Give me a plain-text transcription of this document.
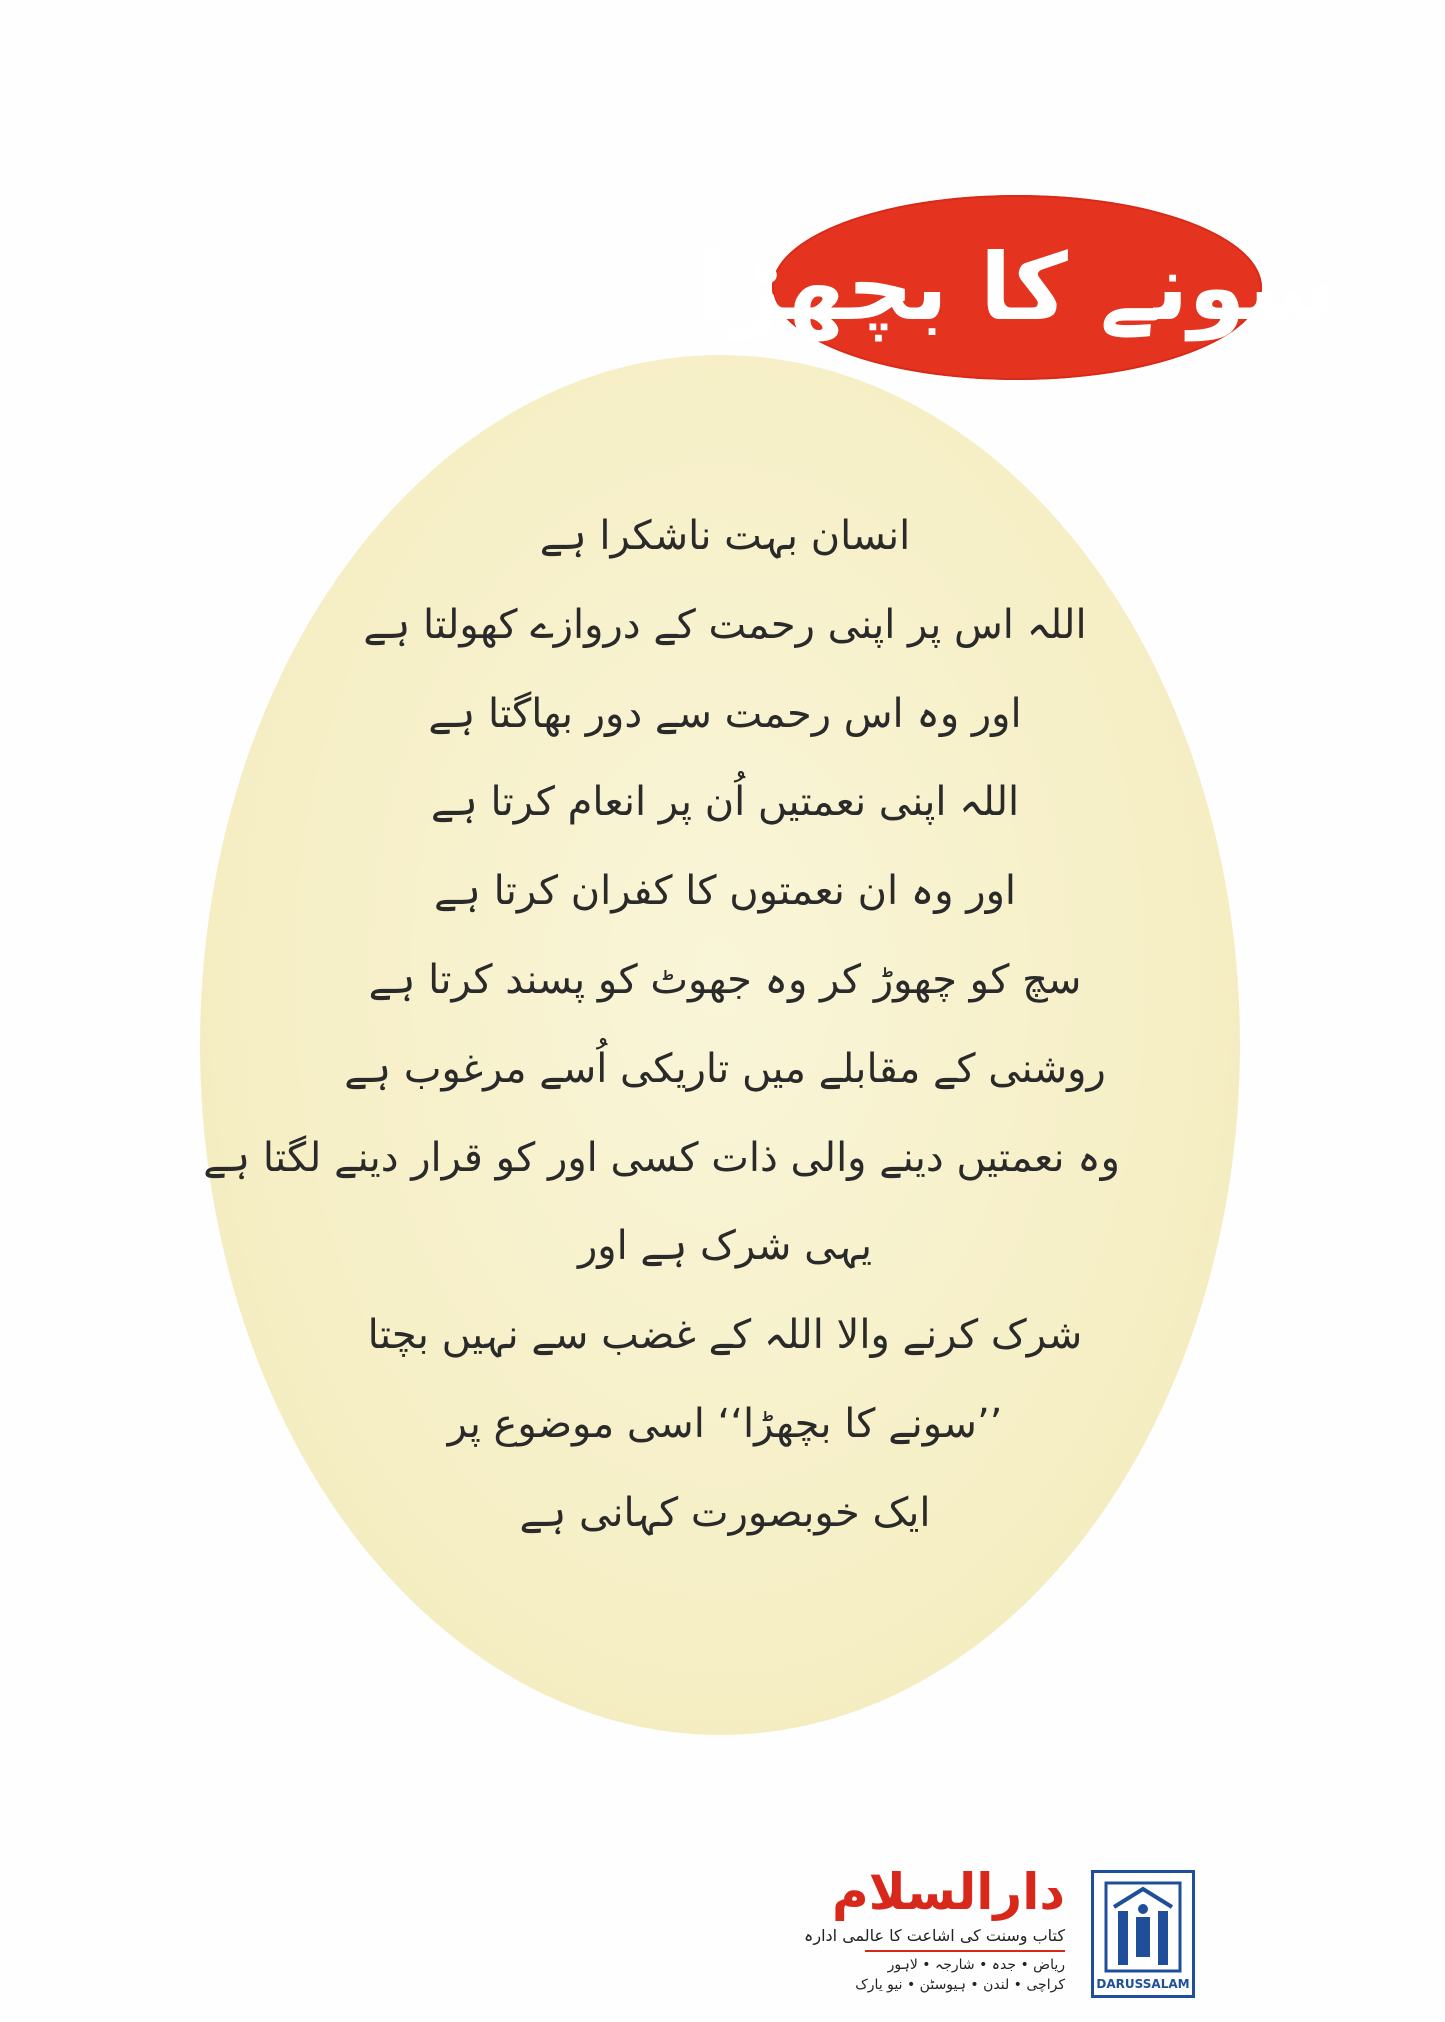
سونے کا بچھڑا
انسان بہت ناشکرا ہے
اللہ اس پر اپنی رحمت کے دروازے کھولتا ہے
اور وہ اس رحمت سے دور بھاگتا ہے
اللہ اپنی نعمتیں اُن پر انعام کرتا ہے
اور وہ ان نعمتوں کا کفران کرتا ہے
سچ کو چھوڑ کر وہ جھوٹ کو پسند کرتا ہے
روشنی کے مقابلے میں تاریکی اُسے مرغوب ہے
وہ نعمتیں دینے والی ذات کسی اور کو قرار دینے لگتا ہے
یہی شرک ہے اور
شرک کرنے والا اللہ کے غضب سے نہیں بچتا
’’سونے کا بچھڑا‘‘ اسی موضوع پر
ایک خوبصورت کہانی ہے
دارالسلام
کتاب وسنت کی اشاعت کا عالمی ادارہ
ریاض • جدہ • شارجہ • لاہور
کراچی • لندن • ہیوسٹن • نیو یارک	DARUSSALAM
